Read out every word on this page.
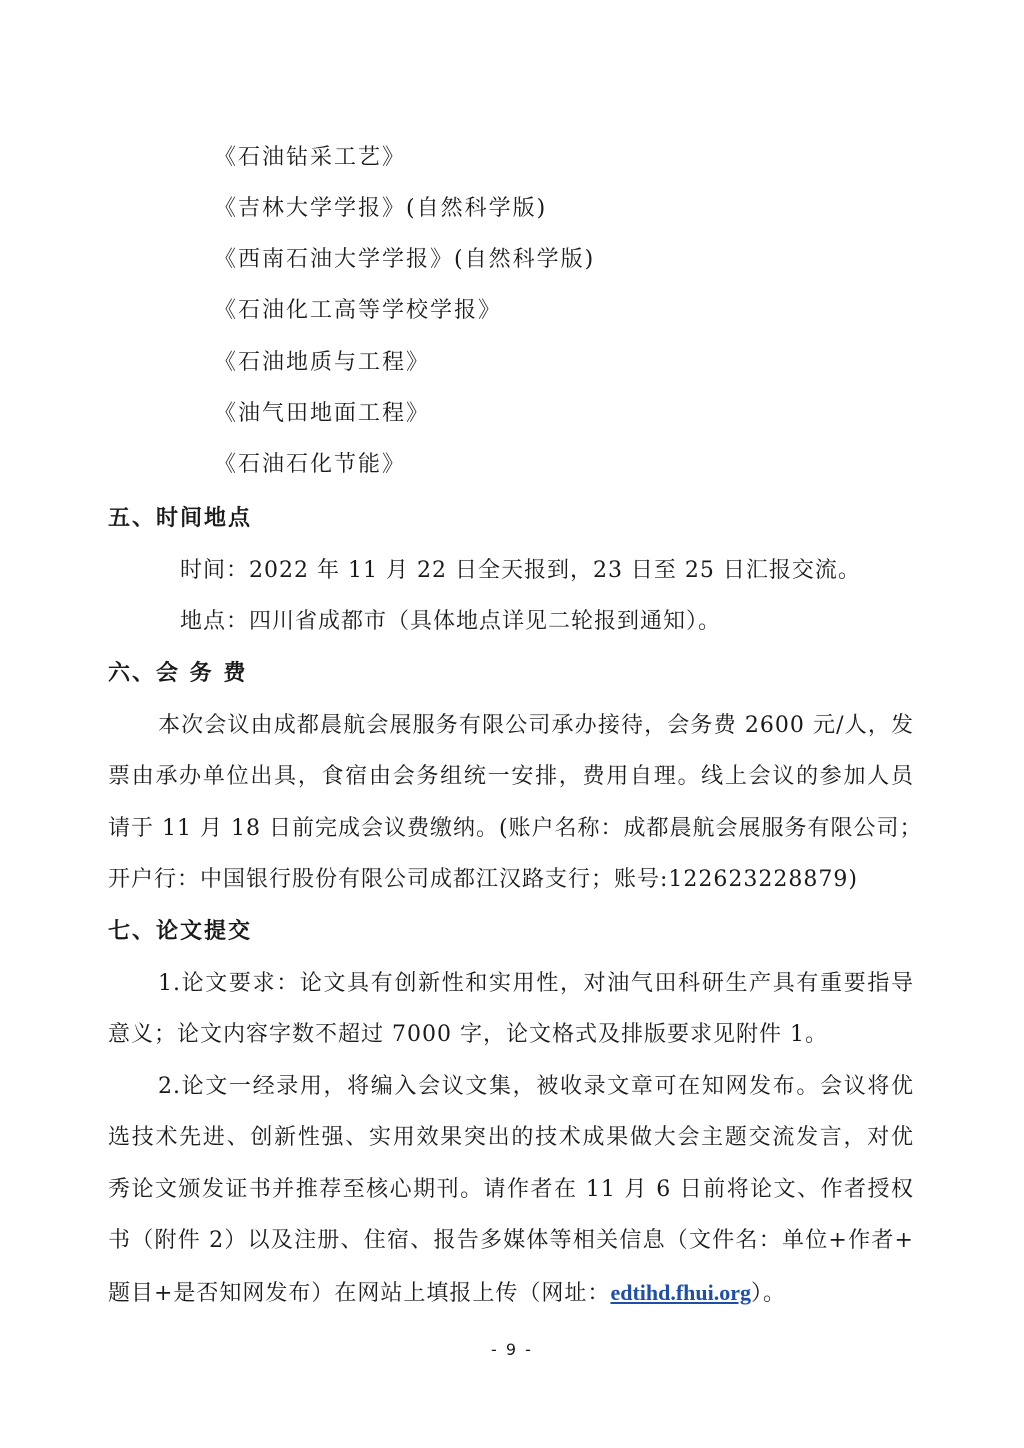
《石油钻采工艺》
《吉林大学学报》(自然科学版)
《西南石油大学学报》(自然科学版)
《石油化工高等学校学报》
《石油地质与工程》
《油气田地面工程》
《石油石化节能》
五、时间地点
时间：2022 年 11 月 22 日全天报到，23 日至 25 日汇报交流。
地点：四川省成都市（具体地点详见二轮报到通知）。
六、会 务 费
本次会议由成都晨航会展服务有限公司承办接待，会务费 2600 元/人，发
票由承办单位出具，食宿由会务组统一安排，费用自理。线上会议的参加人员
请于 11 月 18 日前完成会议费缴纳。(账户名称：成都晨航会展服务有限公司；
开户行：中国银行股份有限公司成都江汉路支行；账号:122623228879)
七、论文提交
1.论文要求：论文具有创新性和实用性，对油气田科研生产具有重要指导
意义；论文内容字数不超过 7000 字，论文格式及排版要求见附件 1。
2.论文一经录用，将编入会议文集，被收录文章可在知网发布。会议将优
选技术先进、创新性强、实用效果突出的技术成果做大会主题交流发言，对优
秀论文颁发证书并推荐至核心期刊。请作者在 11 月 6 日前将论文、作者授权
书（附件 2）以及注册、住宿、报告多媒体等相关信息（文件名：单位+作者+
题目+是否知网发布）在网站上填报上传（网址：edtihd.fhui.org）。
- 9 -
